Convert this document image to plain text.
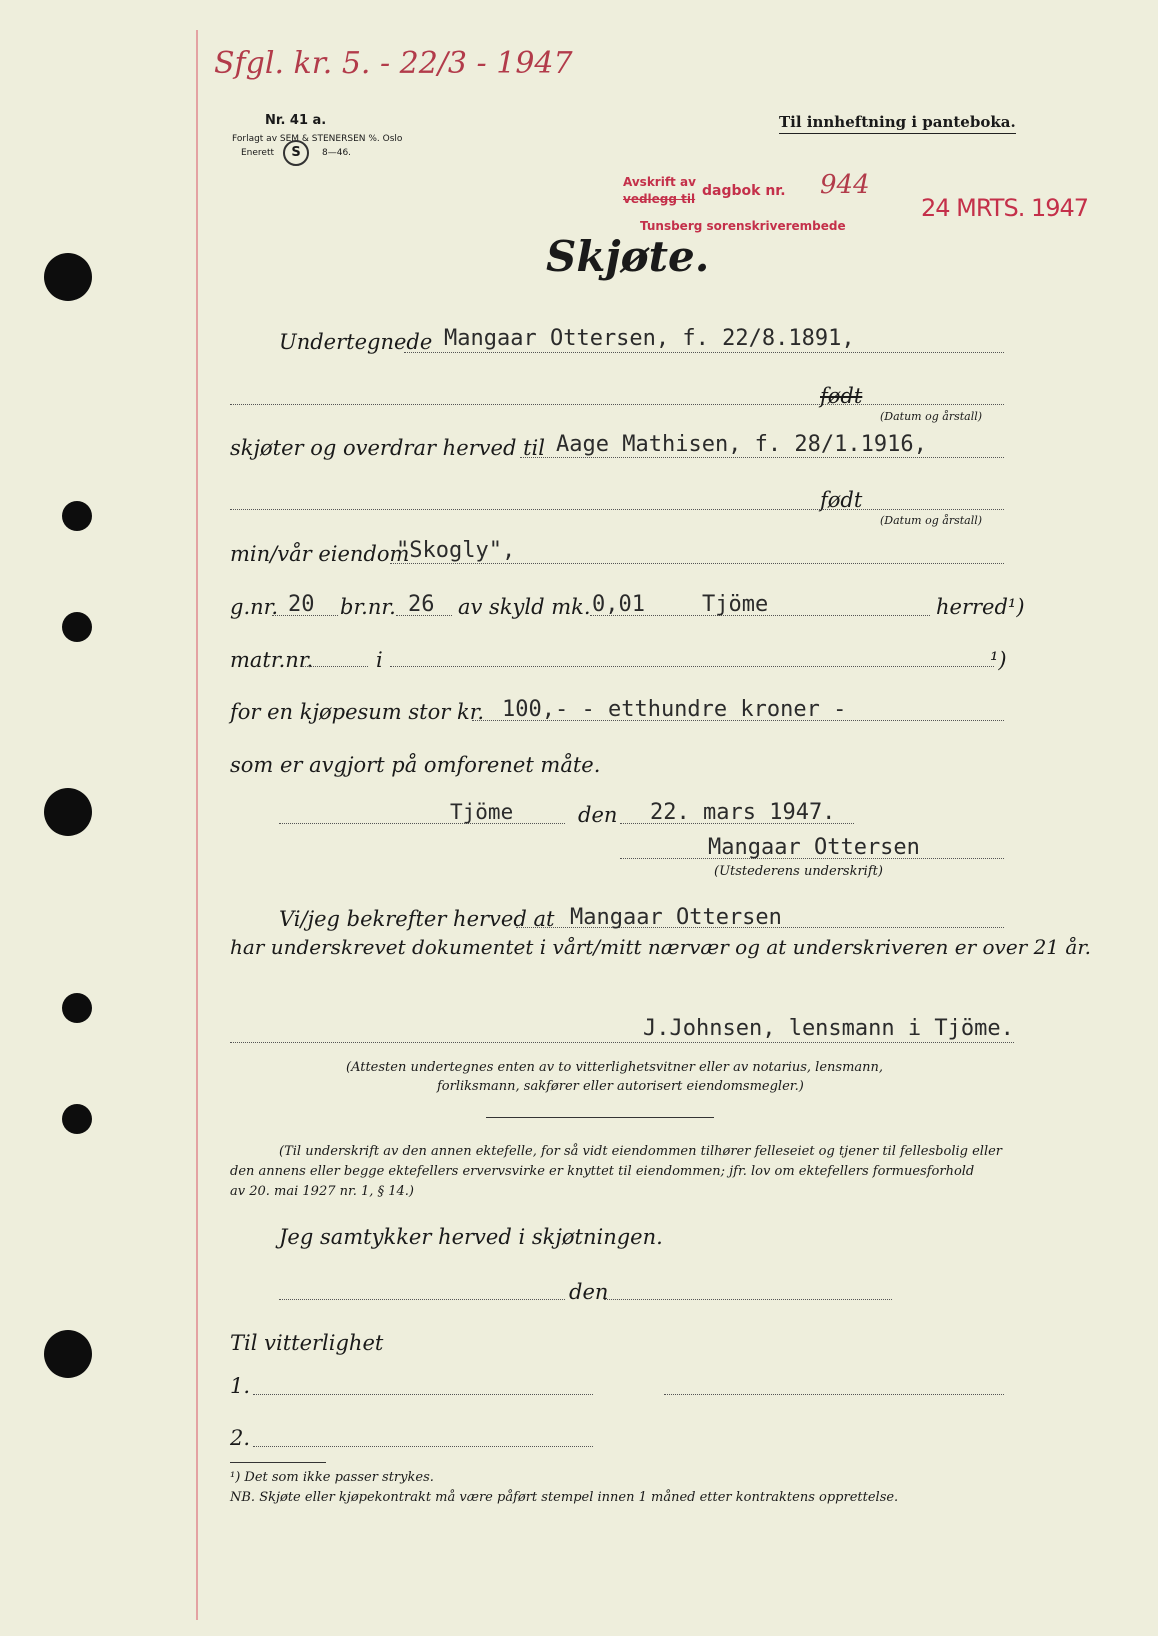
Sfgl. kr. 5. - 22/3 - 1947
Nr. 41 a.
Forlagt av SEM & STENERSEN %. Oslo
Enerett	S	8—46.
Til innheftning i panteboka.
Avskrift av
vedlegg til dagbok nr. 944
Tunsberg sorenskriverembede
24 MRTS. 1947
Skjøte.
Undertegnede Mangaar Ottersen, f. 22/8.1891,
født
(Datum og årstall)
skjøter og overdrar herved til Aage Mathisen, f. 28/1.1916,
født
(Datum og årstall)
min/vår eiendom
"Skogly",
g.nr. 20 br.nr. 26 av skyld mk. 0,01	Tjöme	herred¹)
matr.nr.	i	¹)
for en kjøpesum stor kr. 100,- - etthundre kroner -
som er avgjort på omforenet måte.
Tjöme	den 22. mars 1947.
Mangaar Ottersen
(Utstederens underskrift)
Vi/jeg bekrefter herved at Mangaar Ottersen
har underskrevet dokumentet i vårt/mitt nærvær og at underskriveren er over 21 år.
J.Johnsen, lensmann i Tjöme.
(Attesten undertegnes enten av to vitterlighetsvitner eller av notarius, lensmann,
forliksmann, sakfører eller autorisert eiendomsmegler.)
(Til underskrift av den annen ektefelle, for så vidt eiendommen tilhører felleseiet og tjener til fellesbolig eller
den annens eller begge ektefellers ervervsvirke er knyttet til eiendommen; jfr. lov om ektefellers formuesforhold
av 20. mai 1927 nr. 1, § 14.)
Jeg samtykker herved i skjøtningen.
den
Til vitterlighet
1.
2.
¹) Det som ikke passer strykes.
NB. Skjøte eller kjøpekontrakt må være påført stempel innen 1 måned etter kontraktens opprettelse.
